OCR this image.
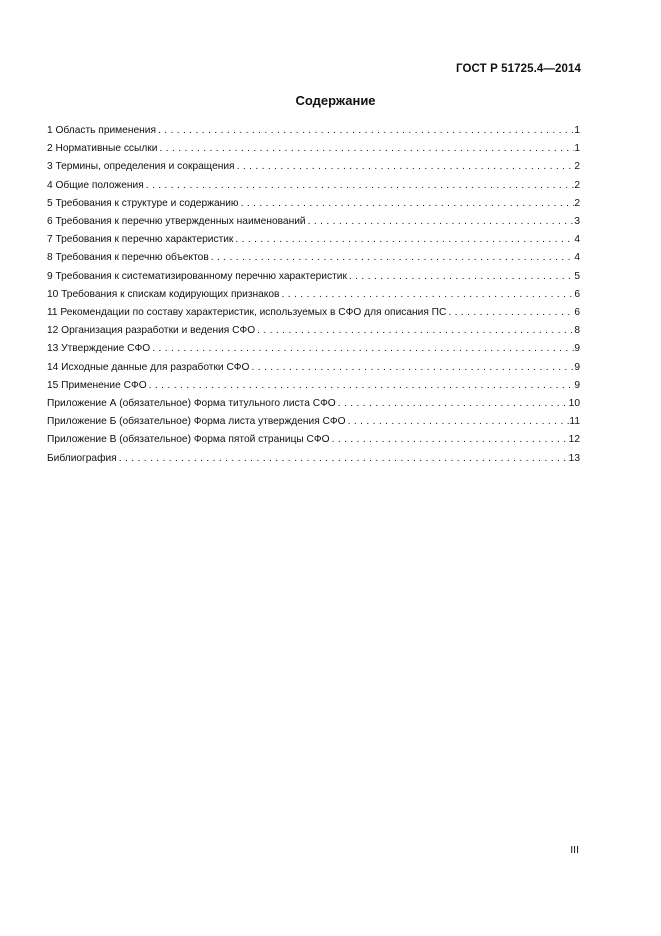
ГОСТ Р 51725.4—2014
Содержание
1 Область применения . . .	1
2 Нормативные ссылки . . .	1
3 Термины, определения и сокращения . . .	2
4 Общие положения . . .	2
5 Требования к структуре и содержанию . . .	2
6 Требования к перечню утвержденных наименований . . .	3
7 Требования к перечню характеристик . . .	4
8 Требования к перечню объектов . . .	4
9 Требования к систематизированному перечню характеристик . . .	5
10 Требования к спискам кодирующих признаков . . .	6
11 Рекомендации по составу характеристик, используемых в СФО для описания ПС . . .	6
12 Организация разработки и ведения СФО . . .	8
13 Утверждение СФО . . .	9
14 Исходные данные для разработки СФО . . .	9
15 Применение СФО . . .	9
Приложение А (обязательное) Форма титульного листа СФО . . .	10
Приложение Б (обязательное) Форма листа утверждения СФО . . .	11
Приложение В (обязательное) Форма пятой страницы СФО . . .	12
Библиография . . .	13
III
